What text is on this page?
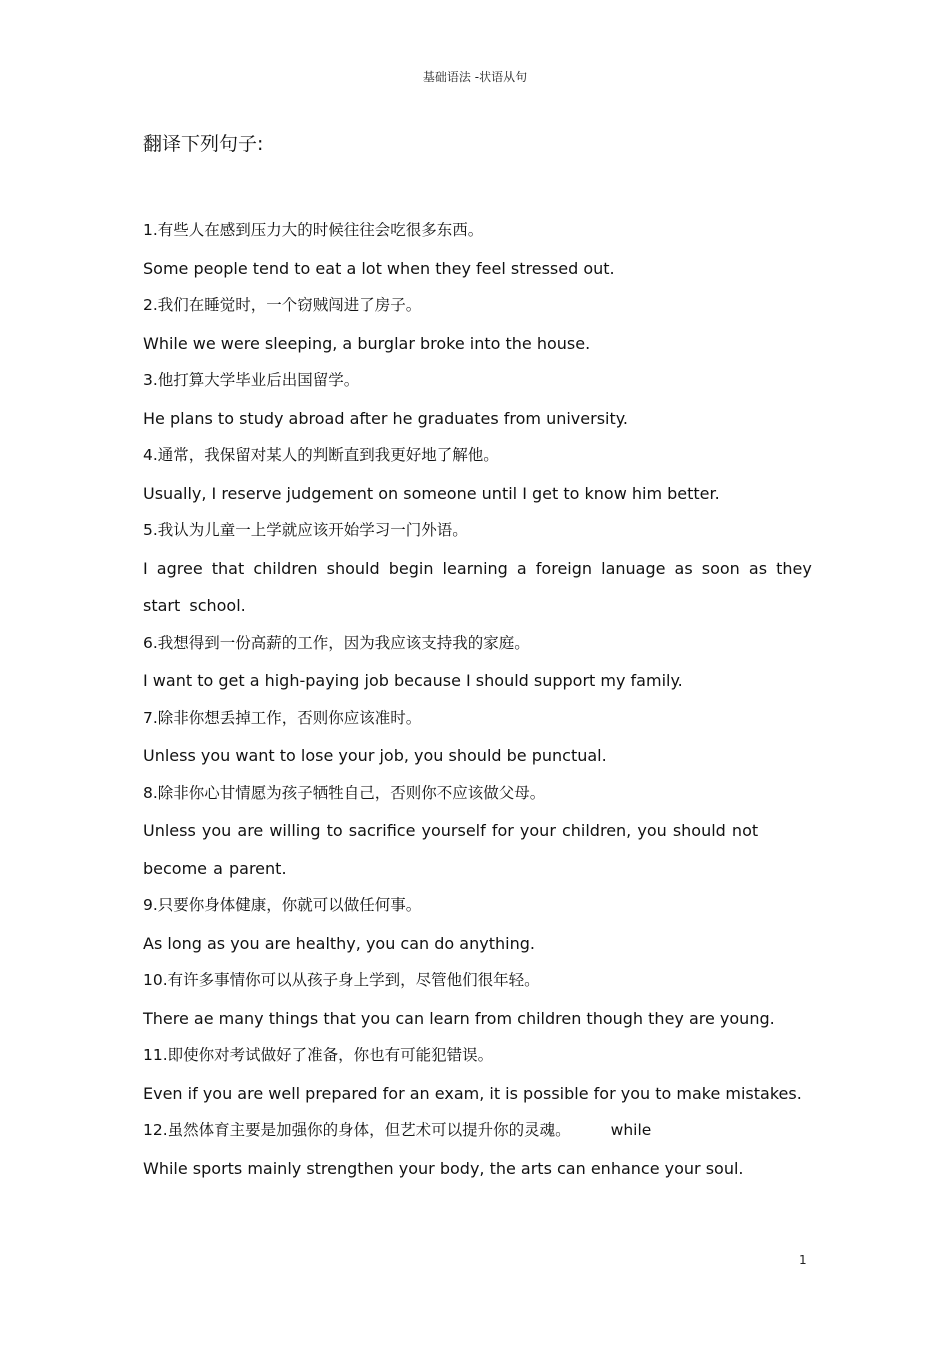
基础语法 -状语从句
翻译下列句子:
1.有些人在感到压力大的时候往往会吃很多东西。
Some people tend to eat a lot when they feel stressed out.
2.我们在睡觉时，一个窃贼闯进了房子。
While we were sleeping, a burglar broke into the house.
3.他打算大学毕业后出国留学。
He plans to study abroad after he graduates from university.
4.通常，我保留对某人的判断直到我更好地了解他。
Usually, I reserve judgement on someone until I get to know him better.
5.我认为儿童一上学就应该开始学习一门外语。
I agree that children should begin learning a foreign lanuage as soon as they start school.
6.我想得到一份高薪的工作，因为我应该支持我的家庭。
I want to get a high-paying job because I should support my family.
7.除非你想丢掉工作，否则你应该准时。
Unless you want to lose your job, you should be punctual.
8.除非你心甘情愿为孩子牺牲自己，否则你不应该做父母。
Unless you are willing to sacrifice yourself for your children, you should not become a parent.
9.只要你身体健康，你就可以做任何事。
As long as you are healthy, you can do anything.
10.有许多事情你可以从孩子身上学到，尽管他们很年轻。
There ae many things that you can learn from children though they are young.
11.即使你对考试做好了准备，你也有可能犯错误。
Even if you are well prepared for an exam, it is possible for you to make mistakes.
12.虽然体育主要是加强你的身体，但艺术可以提升你的灵魂。	while
While sports mainly strengthen your body, the arts can enhance your soul.
1
